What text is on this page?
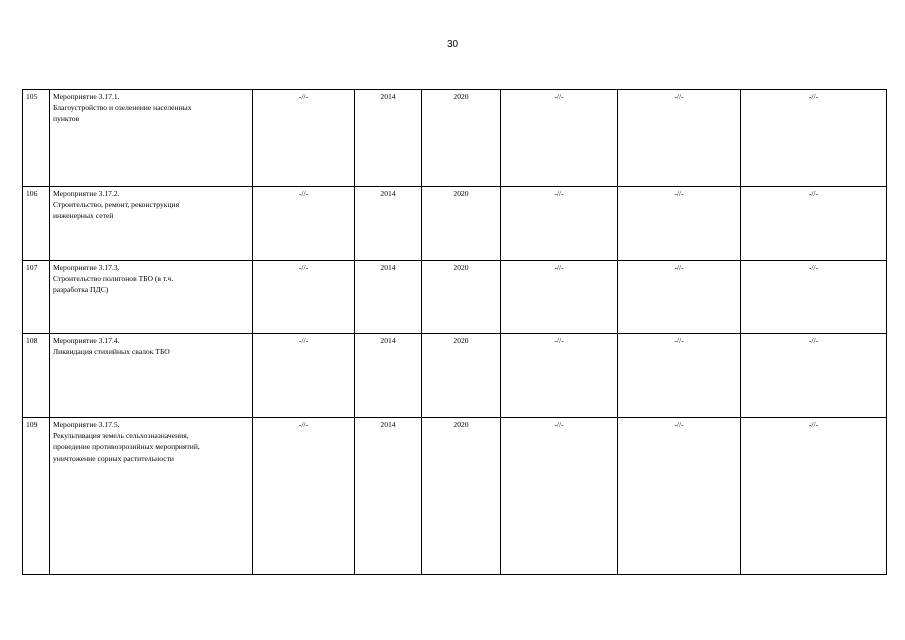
30
105	Мероприятие 3.17.1.
Благоустройство и озеленение населенных
пунктов	-//-	2014	2020	-//-	-//-	-//-
106	Мероприятие 3.17.2.
Строительство, ремонт, реконструкция
инженерных сетей	-//-	2014	2020	-//-	-//-	-//-
107	Мероприятие 3.17.3.
Строительство полигонов ТБО (в т.ч.
разработка ПДС)	-//-	2014	2020	-//-	-//-	-//-
108	Мероприятие 3.17.4.
Ликвидация стихийных свалок ТБО	-//-	2014	2020	-//-	-//-	-//-
109	Мероприятие 3.17.5.
Рекультивация земель сельхозназначения,
проведение противоэрозийных мероприятий,
уничтожение сорных растительности	-//-	2014	2020	-//-	-//-	-//-
